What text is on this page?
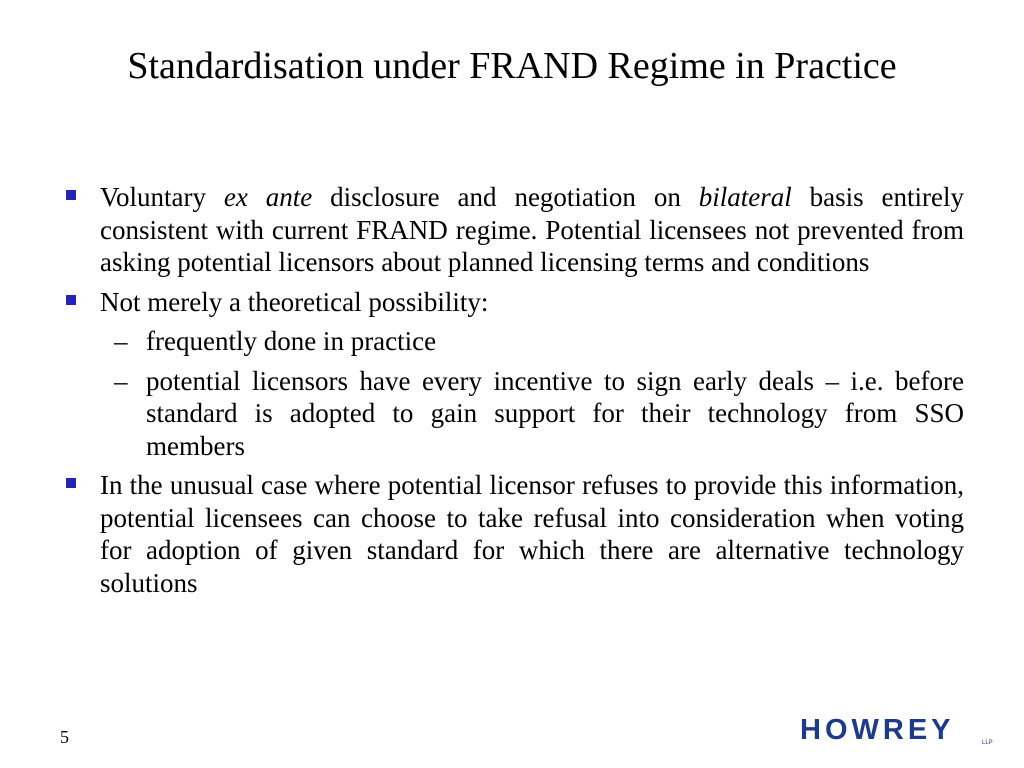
Standardisation under FRAND Regime in Practice
Voluntary ex ante disclosure and negotiation on bilateral basis entirely consistent with current FRAND regime. Potential licensees not prevented from asking potential licensors about planned licensing terms and conditions
Not merely a theoretical possibility:
– frequently done in practice
– potential licensors have every incentive to sign early deals – i.e. before standard is adopted to gain support for their technology from SSO members
In the unusual case where potential licensor refuses to provide this information, potential licensees can choose to take refusal into consideration when voting for adoption of given standard for which there are alternative technology solutions
5	HOWREY	LLP
